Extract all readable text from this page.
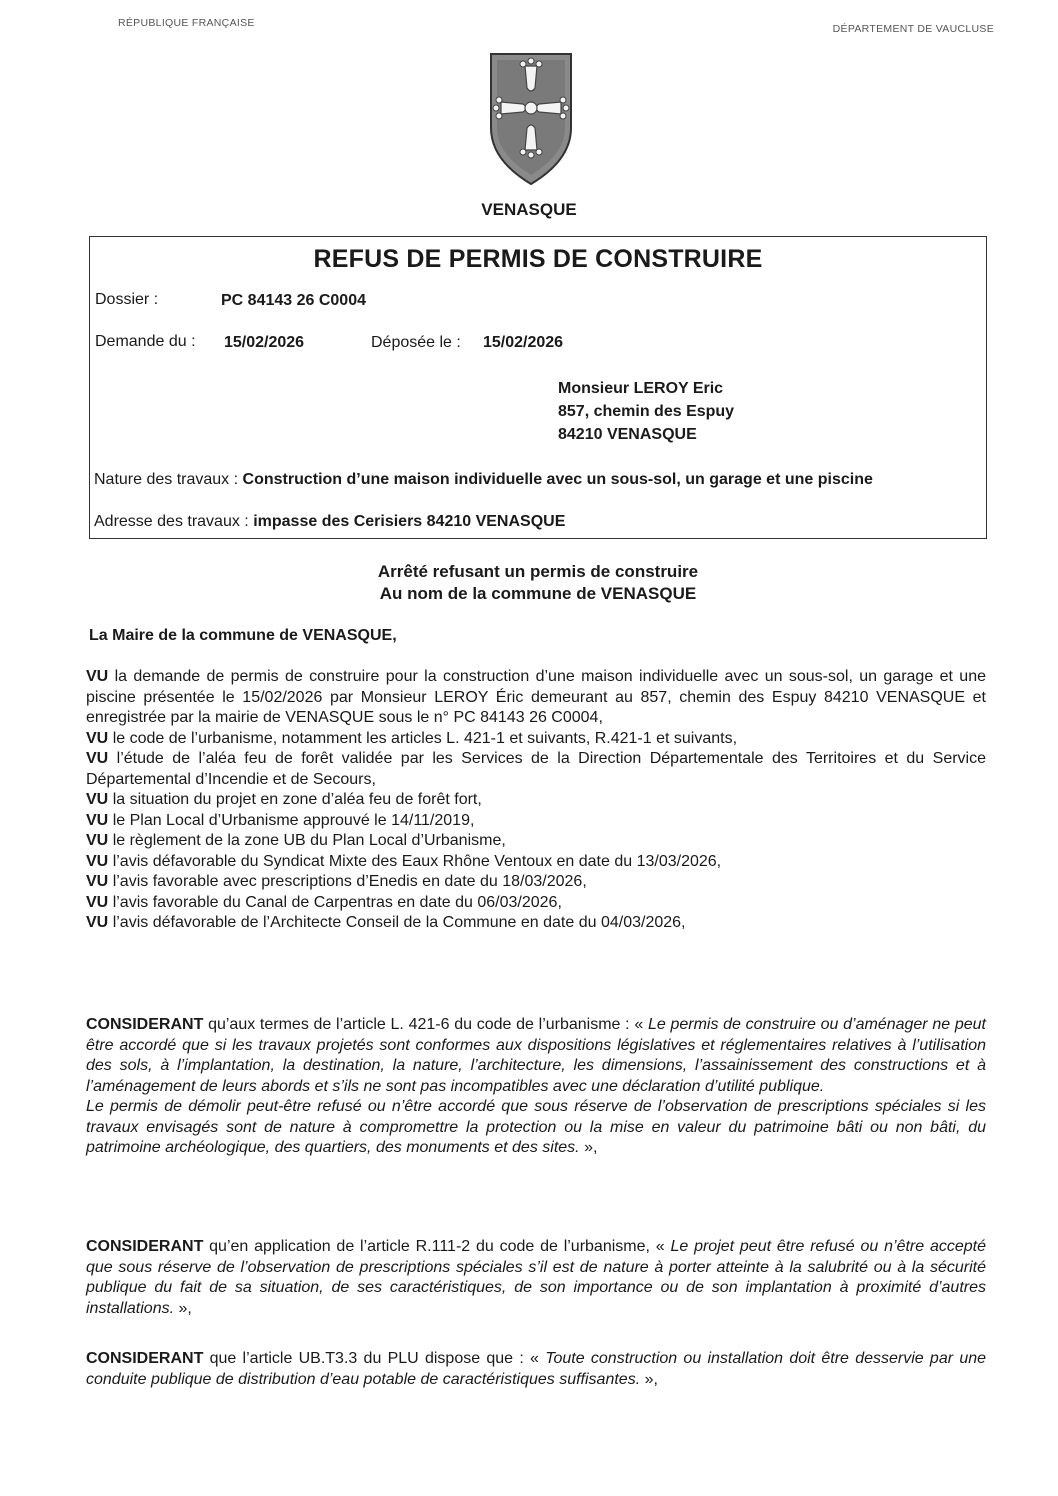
RÉPUBLIQUE FRANÇAISE	DÉPARTEMENT DE VAUCLUSE
VENASQUE
REFUS DE PERMIS DE CONSTRUIRE
Dossier :	PC 84143 26 C0004
Demande du : 15/02/2026	Déposée le : 15/02/2026
Monsieur LEROY Eric
857, chemin des Espuy
84210 VENASQUE
Nature des travaux : Construction d’une maison individuelle avec un sous-sol, un garage et une piscine
Adresse des travaux : impasse des Cerisiers 84210 VENASQUE
Arrêté refusant un permis de construire
Au nom de la commune de VENASQUE
La Maire de la commune de VENASQUE,

VU la demande de permis de construire pour la construction d’une maison individuelle avec un sous-sol, un garage et une piscine présentée le 15/02/2026 par Monsieur LEROY Éric demeurant au 857, chemin des Espuy 84210 VENASQUE et enregistrée par la mairie de VENASQUE sous le n° PC 84143 26 C0004,

VU le code de l’urbanisme, notamment les articles L. 421-1 et suivants, R.421-1 et suivants,

VU l’étude de l’aléa feu de forêt validée par les Services de la Direction Départementale des Territoires et du Service Départemental d’Incendie et de Secours,

VU la situation du projet en zone d’aléa feu de forêt fort,

VU le Plan Local d’Urbanisme approuvé le 14/11/2019,

VU le règlement de la zone UB du Plan Local d’Urbanisme,

VU l’avis défavorable du Syndicat Mixte des Eaux Rhône Ventoux en date du 13/03/2026,

VU l’avis favorable avec prescriptions d’Enedis en date du 18/03/2026,

VU l’avis favorable du Canal de Carpentras en date du 06/03/2026,

VU l’avis défavorable de l’Architecte Conseil de la Commune en date du 04/03/2026,

CONSIDERANT qu’aux termes de l’article L. 421-6 du code de l’urbanisme : « Le permis de construire ou d’aménager ne peut être accordé que si les travaux projetés sont conformes aux dispositions législatives et réglementaires relatives à l’utilisation des sols, à l’implantation, la destination, la nature, l’architecture, les dimensions, l’assainissement des constructions et à l’aménagement de leurs abords et s’ils ne sont pas incompatibles avec une déclaration d’utilité publique.

Le permis de démolir peut-être refusé ou n’être accordé que sous réserve de l’observation de prescriptions spéciales si les travaux envisagés sont de nature à compromettre la protection ou la mise en valeur du patrimoine bâti ou non bâti, du patrimoine archéologique, des quartiers, des monuments et des sites. »,

CONSIDERANT qu’en application de l’article R.111-2 du code de l’urbanisme, « Le projet peut être refusé ou n’être accepté que sous réserve de l’observation de prescriptions spéciales s’il est de nature à porter atteinte à la salubrité ou à la sécurité publique du fait de sa situation, de ses caractéristiques, de son importance ou de son implantation à proximité d’autres installations. »,

CONSIDERANT que l’article UB.T3.3 du PLU dispose que : « Toute construction ou installation doit être desservie par une conduite publique de distribution d’eau potable de caractéristiques suffisantes. »,
